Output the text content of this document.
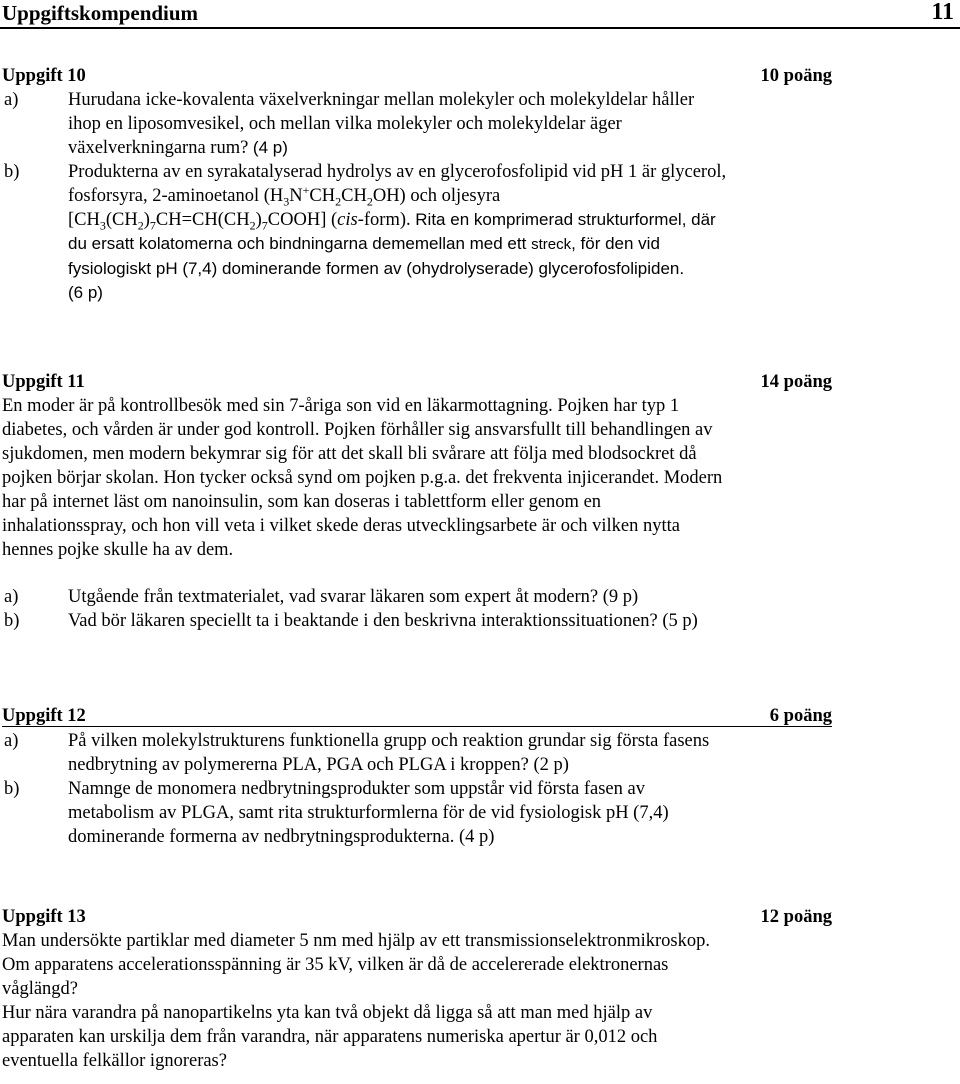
Uppgiftskompendium	11
Uppgift 10	10 poäng
a)	Hurudana icke-kovalenta växelverkningar mellan molekyler och molekyldelar håller
ihop en liposomvesikel, och mellan vilka molekyler och molekyldelar äger
växelverkningarna rum? (4 p)
b)	Produkterna av en syrakatalyserad hydrolys av en glycerofosfolipid vid pH 1 är glycerol,
fosforsyra, 2-aminoetanol $(H_3N^+CH_2CH_2OH)$ och oljesyra
$[CH_3(CH_2)_7CH=CH(CH_2)_7COOH]$ (cis-form). Rita en komprimerad strukturformel, där
du ersatt kolatomerna och bindningarna dememellan med ett streck, för den vid
fysiologiskt pH (7,4) dominerande formen av (ohydrolyserade) glycerofosfolipiden.
(6 p)
Uppgift 11	14 poäng
En moder är på kontrollbesök med sin 7-åriga son vid en läkarmottagning. Pojken har typ 1
diabetes, och vården är under god kontroll. Pojken förhåller sig ansvarsfullt till behandlingen av
sjukdomen, men modern bekymrar sig för att det skall bli svårare att följa med blodsockret då
pojken börjar skolan. Hon tycker också synd om pojken p.g.a. det frekventa injicerandet. Modern
har på internet läst om nanoinsulin, som kan doseras i tablettform eller genom en
inhalationsspray, och hon vill veta i vilket skede deras utvecklingsarbete är och vilken nytta
hennes pojke skulle ha av dem.
a)	Utgående från textmaterialet, vad svarar läkaren som expert åt modern? (9 p)
b)	Vad bör läkaren speciellt ta i beaktande i den beskrivna interaktionssituationen? (5 p)
Uppgift 12	6 poäng
a)	På vilken molekylstrukturens funktionella grupp och reaktion grundar sig första fasens
nedbrytning av polymererna PLA, PGA och PLGA i kroppen? (2 p)
b)	Namnge de monomera nedbrytningsprodukter som uppstår vid första fasen av
metabolism av PLGA, samt rita strukturformlerna för de vid fysiologisk pH (7,4)
dominerande formerna av nedbrytningsprodukterna. (4 p)
Uppgift 13	12 poäng
Man undersökte partiklar med diameter 5 nm med hjälp av ett transmissionselektronmikroskop.
Om apparatens accelerationsspänning är 35 kV, vilken är då de accelererade elektronernas
våglängd?
Hur nära varandra på nanopartikelns yta kan två objekt då ligga så att man med hjälp av
apparaten kan urskilja dem från varandra, när apparatens numeriska apertur är 0,012 och
eventuella felkällor ignoreras?
